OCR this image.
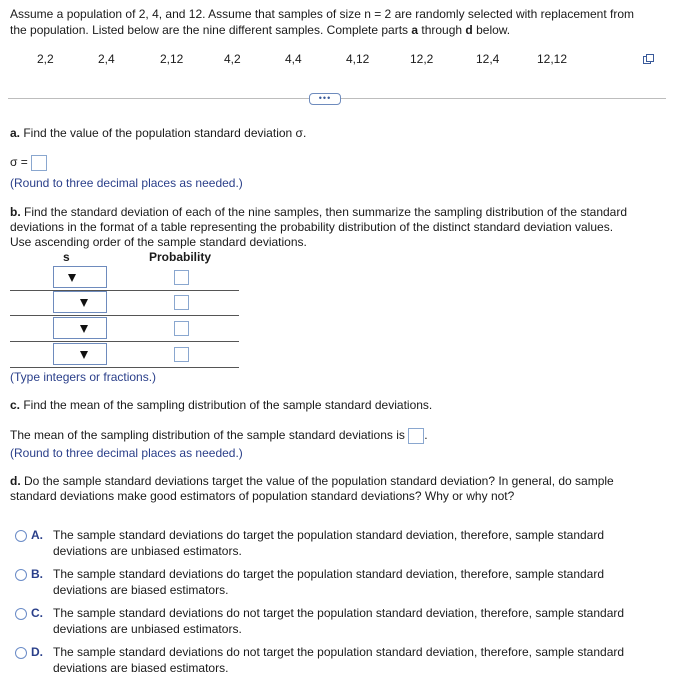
Assume a population of 2, 4, and 12. Assume that samples of size n = 2 are randomly selected with replacement from
the population. Listed below are the nine different samples. Complete parts a through d below.
2,2	2,4	2,12	4,2	4,4	4,12	12,2	12,4	12,12
•••
a. Find the value of the population standard deviation σ.
σ =
(Round to three decimal places as needed.)
b. Find the standard deviation of each of the nine samples, then summarize the sampling distribution of the standard
deviations in the format of a table representing the probability distribution of the distinct standard deviation values.
Use ascending order of the sample standard deviations.
s	Probability
(Type integers or fractions.)
c. Find the mean of the sampling distribution of the sample standard deviations.
The mean of the sampling distribution of the sample standard deviations is .
(Round to three decimal places as needed.)
d. Do the sample standard deviations target the value of the population standard deviation? In general, do sample
standard deviations make good estimators of population standard deviations? Why or why not?
A. The sample standard deviations do target the population standard deviation, therefore, sample standard
deviations are unbiased estimators.
B. The sample standard deviations do target the population standard deviation, therefore, sample standard
deviations are biased estimators.
C. The sample standard deviations do not target the population standard deviation, therefore, sample standard
deviations are unbiased estimators.
D. The sample standard deviations do not target the population standard deviation, therefore, sample standard
deviations are biased estimators.
